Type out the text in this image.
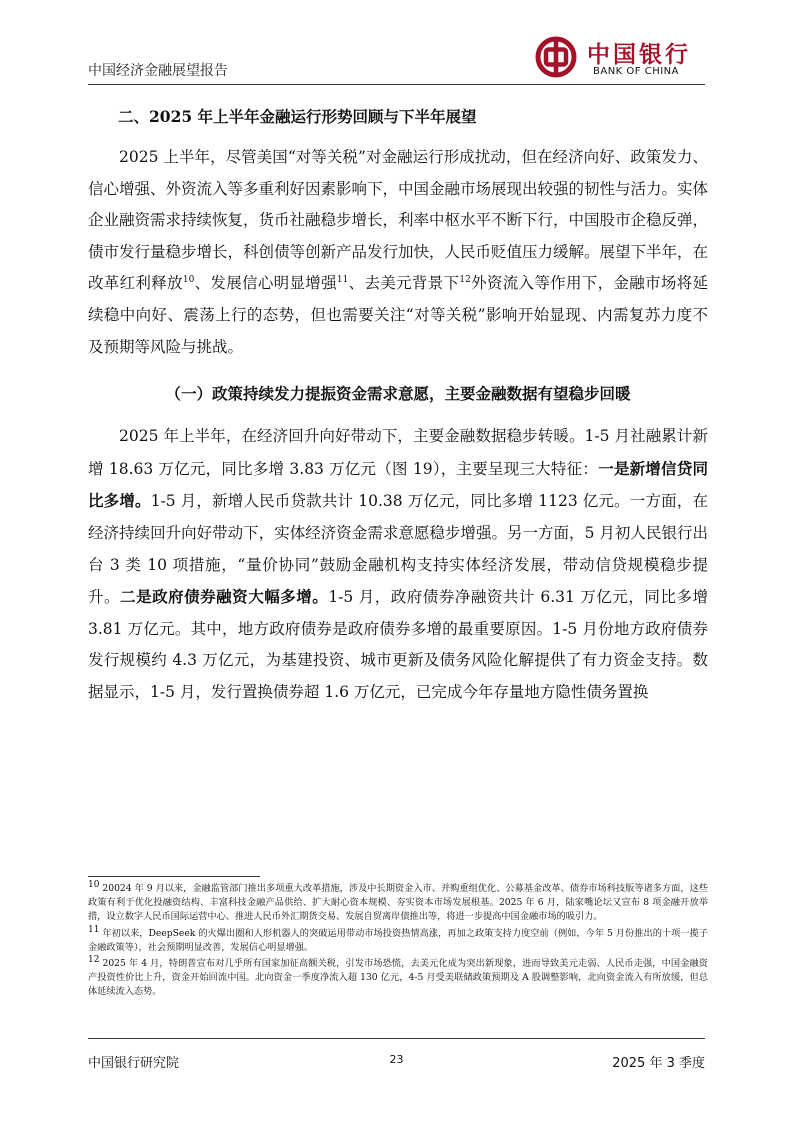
中国经济金融展望报告
中国银行
BANK OF CHINA
二、2025 年上半年金融运行形势回顾与下半年展望

2025 上半年，尽管美国“对等关税”对金融运行形成扰动，但在经济向好、政策发力、信心增强、外资流入等多重利好因素影响下，中国金融市场展现出较强的韧性与活力。实体企业融资需求持续恢复，货币社融稳步增长，利率中枢水平不断下行，中国股市企稳反弹，债市发行量稳步增长，科创债等创新产品发行加快，人民币贬值压力缓解。展望下半年，在改革红利释放$^{10}$、发展信心明显增强$^{11}$、去美元背景下$^{12}$外资流入等作用下，金融市场将延续稳中向好、震荡上行的态势，但也需要关注“对等关税”影响开始显现、内需复苏力度不及预期等风险与挑战。

（一）政策持续发力提振资金需求意愿，主要金融数据有望稳步回暖

2025 年上半年，在经济回升向好带动下，主要金融数据稳步转暖。1-5 月社融累计新增 18.63 万亿元，同比多增 3.83 万亿元（图 19），主要呈现三大特征：一是新增信贷同比多增。1-5 月，新增人民币贷款共计 10.38 万亿元，同比多增 1123 亿元。一方面，在经济持续回升向好带动下，实体经济资金需求意愿稳步增强。另一方面，5 月初人民银行出台 3 类 10 项措施，“量价协同”鼓励金融机构支持实体经济发展，带动信贷规模稳步提升。二是政府债券融资大幅多增。1-5 月，政府债券净融资共计 6.31 万亿元，同比多增 3.81 万亿元。其中，地方政府债券是政府债券多增的最重要原因。1-5 月份地方政府债券发行规模约 4.3 万亿元，为基建投资、城市更新及债务风险化解提供了有力资金支持。数据显示，1-5 月，发行置换债券超 1.6 万亿元，已完成今年存量地方隐性债务置换

$^{10}$ 20024 年 9 月以来，金融监管部门推出多项重大改革措施，涉及中长期资金入市、并购重组优化、公募基金改革、债券市场科技版等诸多方面，这些政策有利于优化投融资结构、丰富科技金融产品供给、扩大耐心资本规模、夯实资本市场发展根基。2025 年 6 月，陆家嘴论坛又宣布 8 项金融开放举措，设立数字人民币国际运营中心、推进人民币外汇期货交易、发展自贸离岸债推出等，将进一步提高中国金融市场的吸引力。

$^{11}$ 年初以来，DeepSeek 的火爆出圈和人形机器人的突破运用带动市场投资热情高涨，再加之政策支持力度空前（例如，今年 5 月份推出的十项一揽子金融政策等），社会预期明显改善，发展信心明显增强。

$^{12}$ 2025 年 4 月，特朗普宣布对几乎所有国家加征高额关税，引发市场恐慌，去美元化成为突出新现象，进而导致美元走弱、人民币走强，中国金融资产投资性价比上升，资金开始回流中国。北向资金一季度净流入超 130 亿元，4-5 月受美联储政策预期及 A 股调整影响，北向资金流入有所放缓，但总体延续流入态势。

中国银行研究院	23	2025 年 3 季度
